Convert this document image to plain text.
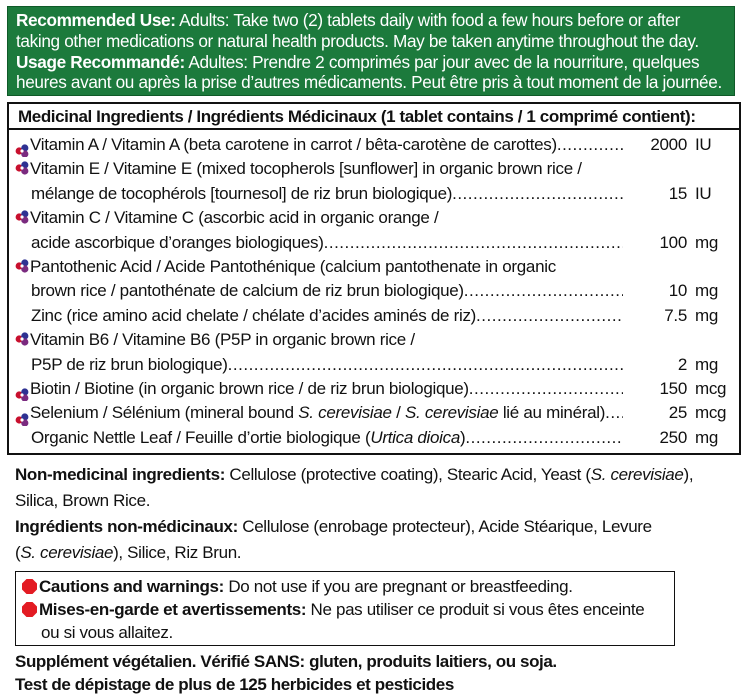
Recommended Use: Adults: Take two (2) tablets daily with food a few hours before or after

taking other medications or natural health products. May be taken anytime throughout the day.

Usage Recommandé: Adultes: Prendre 2 comprimés par jour avec de la nourriture, quelques

heures avant ou après la prise d’autres médicaments. Peut être pris à tout moment de la journée.

Medicinal Ingredients / Ingrédients Médicinaux (1 tablet contains / 1 comprimé contient):
Vitamin A / Vitamin A (beta carotene in carrot / bêta-carotène de carottes) .....	2000 IU
Vitamin E / Vitamine E (mixed tocopherols [sunflower] in organic brown rice /
mélange de tocophérols [tournesol] de riz brun biologique) .....	15 IU
Vitamin C / Vitamine C (ascorbic acid in organic orange /
acide ascorbique d’oranges biologiques) .....	100 mg
Pantothenic Acid / Acide Pantothénique (calcium pantothenate in organic
brown rice / pantothénate de calcium de riz brun biologique) .....	10 mg
Zinc (rice amino acid chelate / chélate d’acides aminés de riz) .....	7.5 mg
Vitamin B6 / Vitamine B6 (P5P in organic brown rice /
P5P de riz brun biologique) .....	2 mg
Biotin / Biotine (in organic brown rice / de riz brun biologique) .....	150 mcg
Selenium / Sélénium (mineral bound S. cerevisiae / S. cerevisiae lié au minéral) .....	25 mcg
Organic Nettle Leaf / Feuille d’ortie biologique (Urtica dioica) .....	250 mg

Non-medicinal ingredients: Cellulose (protective coating), Stearic Acid, Yeast (S. cerevisiae),

Silica, Brown Rice.

Ingrédients non-médicinaux: Cellulose (enrobage protecteur), Acide Stéarique, Levure

(S. cerevisiae), Silice, Riz Brun.

Cautions and warnings: Do not use if you are pregnant or breastfeeding.
Mises-en-garde et avertissements: Ne pas utiliser ce produit si vous êtes enceinte
ou si vous allaitez.

Supplément végétalien. Vérifié SANS: gluten, produits laitiers, ou soja.

Test de dépistage de plus de 125 herbicides et pesticides
